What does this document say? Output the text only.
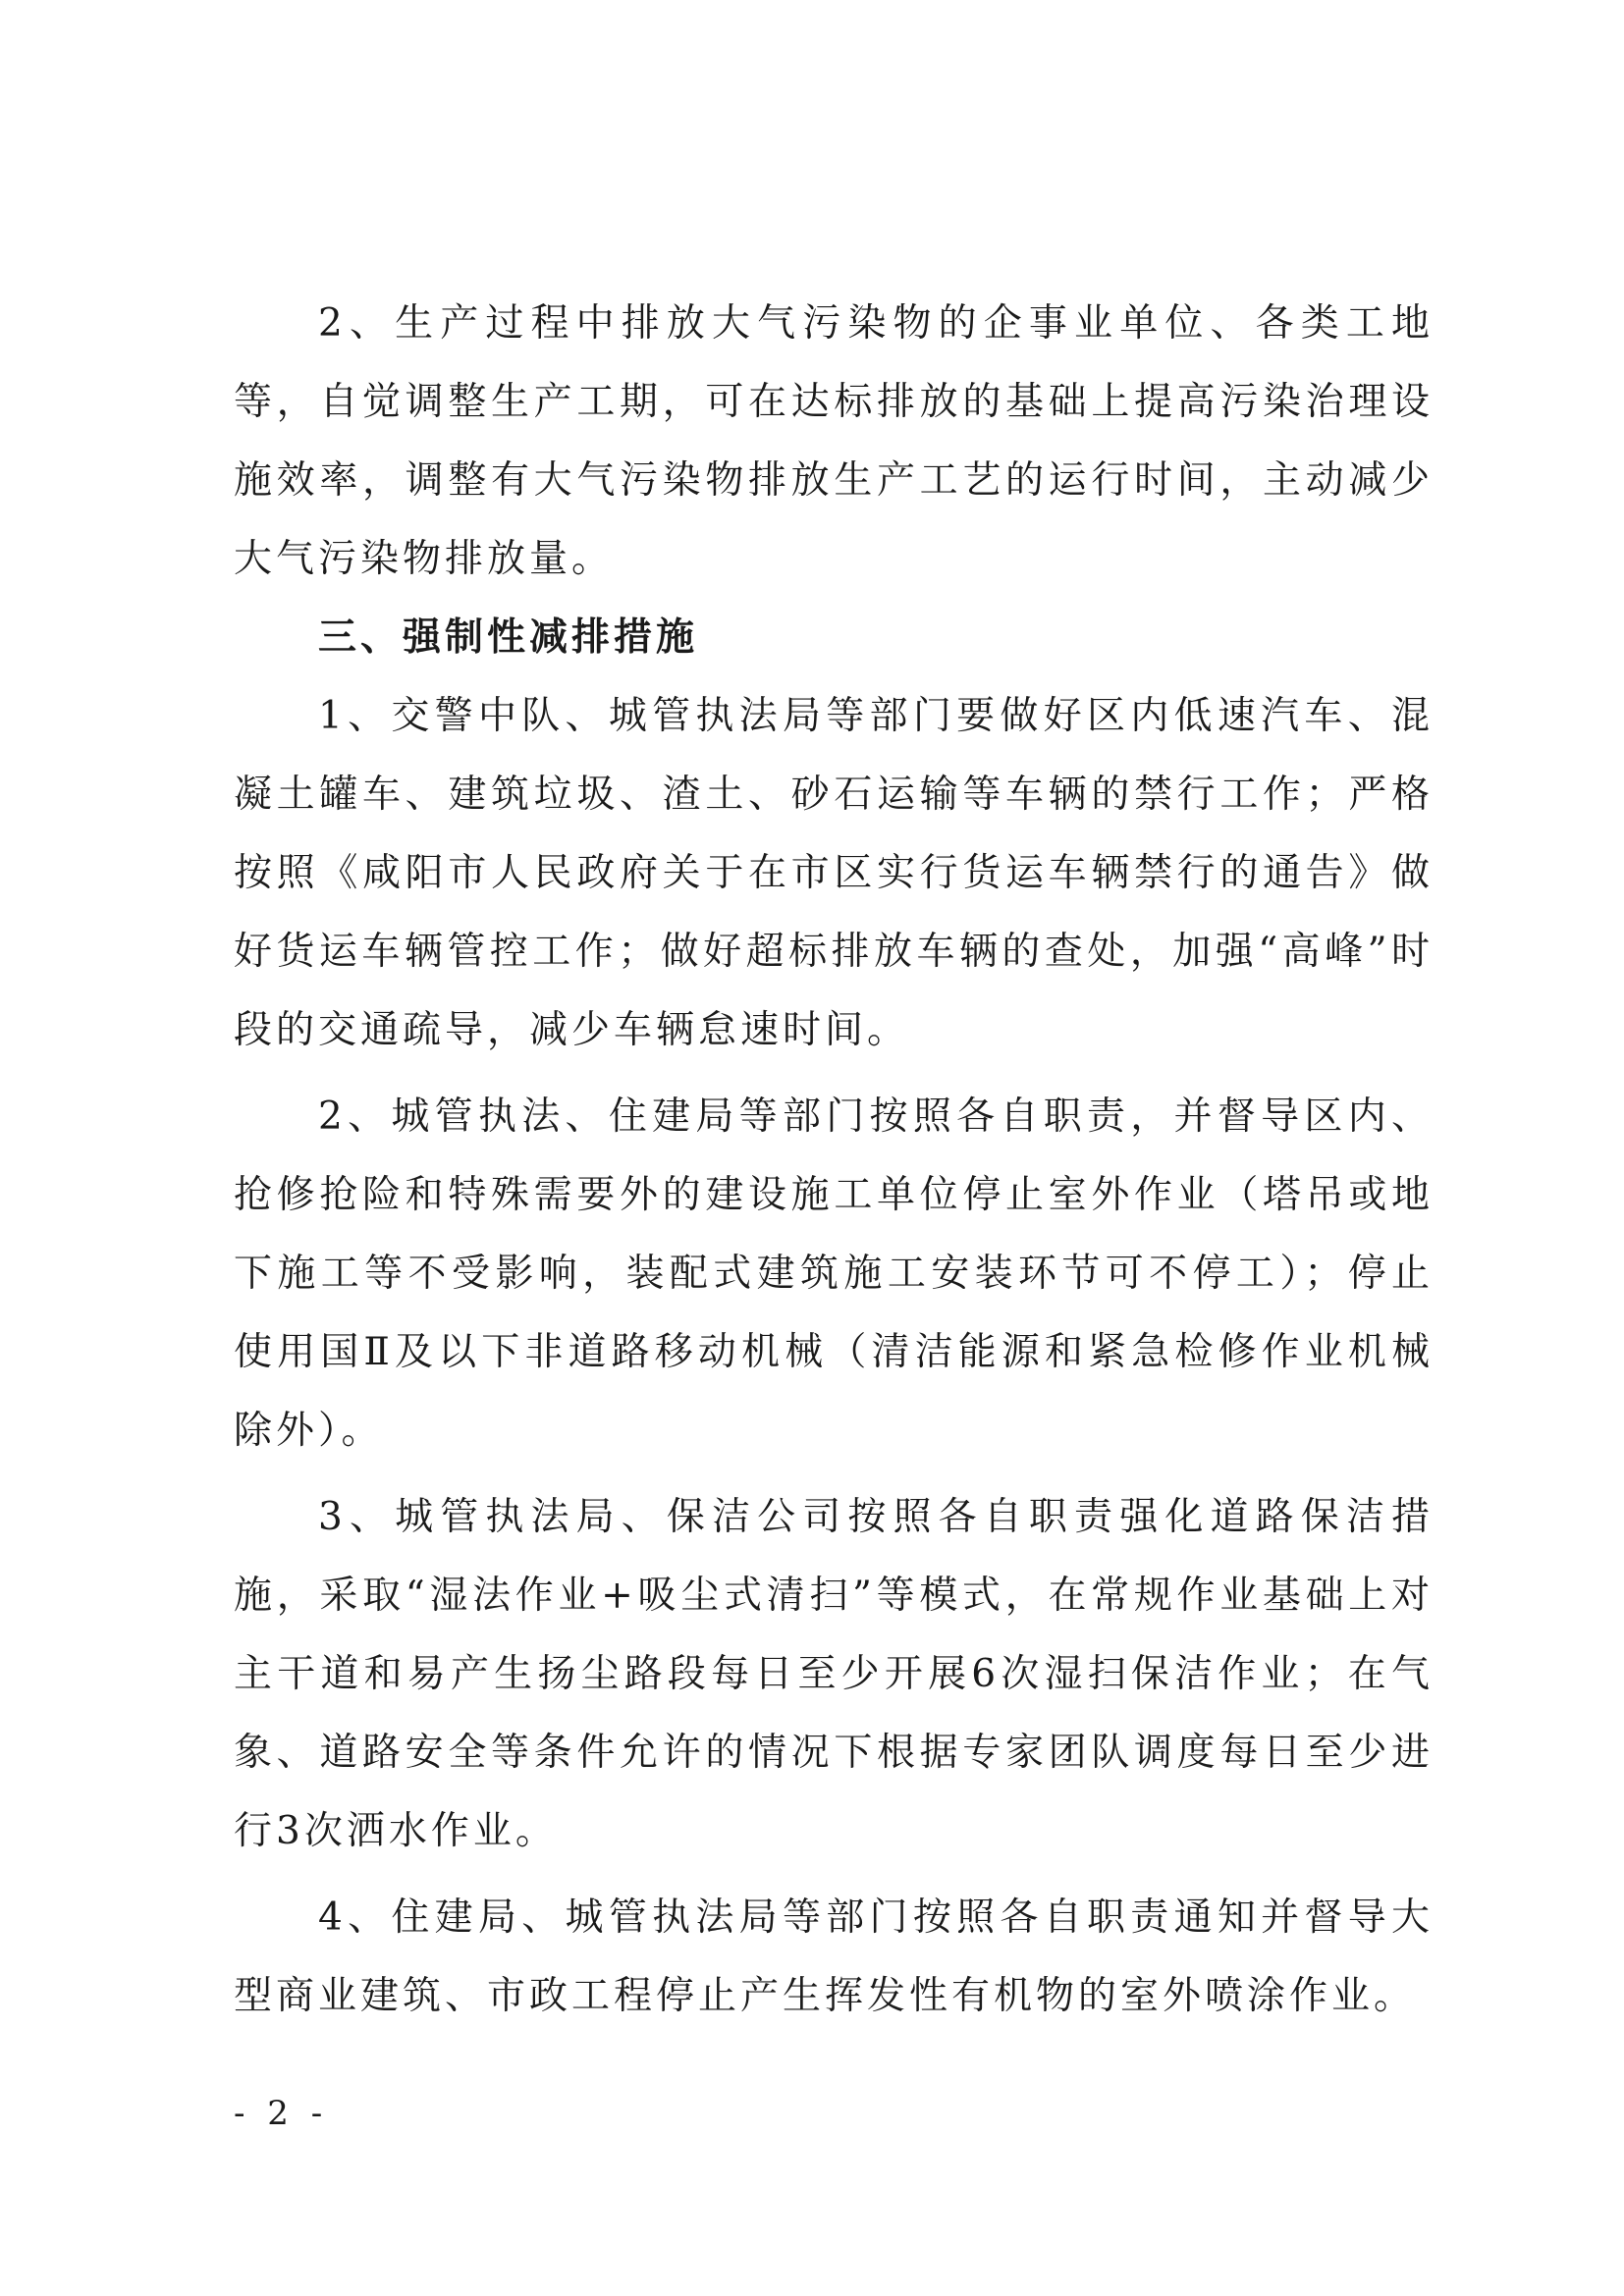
2、生产过程中排放大气污染物的企事业单位、各类工地等，自觉调整生产工期，可在达标排放的基础上提高污染治理设施效率，调整有大气污染物排放生产工艺的运行时间，主动减少大气污染物排放量。

三、强制性减排措施

1、交警中队、城管执法局等部门要做好区内低速汽车、混凝土罐车、建筑垃圾、渣土、砂石运输等车辆的禁行工作；严格按照《咸阳市人民政府关于在市区实行货运车辆禁行的通告》做好货运车辆管控工作；做好超标排放车辆的查处，加强“高峰”时段的交通疏导，减少车辆怠速时间。

2、城管执法、住建局等部门按照各自职责，并督导区内、抢修抢险和特殊需要外的建设施工单位停止室外作业（塔吊或地下施工等不受影响，装配式建筑施工安装环节可不停工）；停止使用国Ⅱ及以下非道路移动机械（清洁能源和紧急检修作业机械除外）。

3、城管执法局、保洁公司按照各自职责强化道路保洁措施，采取“湿法作业+吸尘式清扫”等模式，在常规作业基础上对主干道和易产生扬尘路段每日至少开展6次湿扫保洁作业；在气象、道路安全等条件允许的情况下根据专家团队调度每日至少进行3次洒水作业。

4、住建局、城管执法局等部门按照各自职责通知并督导大型商业建筑、市政工程停止产生挥发性有机物的室外喷涂作业。

- 2 -
